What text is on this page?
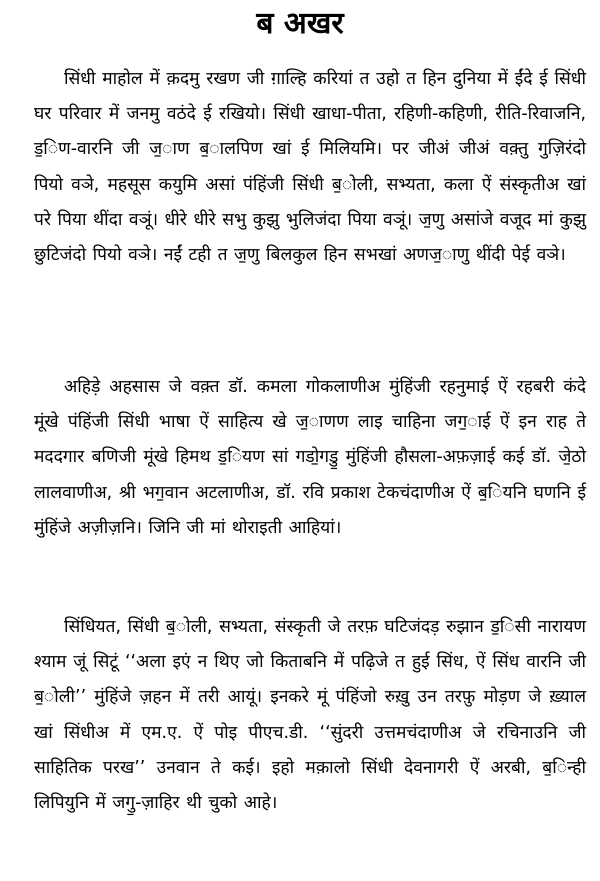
ब अखर

सिंधी माहोल में क़दमु रखण जी ग़ाल्हि करियां त उहो त हिन दुनिया में ईंदे ई सिंधी घर परिवार में जनमु वठंदे ई रखियो। सिंधी खाधा-पीता, रहिणी-कहिणी, रीति-रिवाजनि, ड॒िण-वारनि जी ज॒ाण ब॒ालपिण खां ई मिलियमि। पर जीअं जीअं वक़्तु गुज़िरंदो पियो वञे, महसूस कयुमि असां पंहिंजी सिंधी ब॒ोली, सभ्यता, कला ऐं संस्कृतीअ खां परे पिया थींदा वञूं। धीरे धीरे सभु कुझु भुलिजंदा पिया वञूं। ज॒णु असांजे वजूद मां कुझु छुटिजंदो पियो वञे। नईं टही त ज॒णु बिलकुल हिन सभखां अणज॒ाणु थींदी पेई वञे।

अहिड़े अहसास जे वक़्त डॉ. कमला गोकलाणीअ मुंहिंजी रहनुमाई ऐं रहबरी कंदे मूंखे पंहिंजी सिंधी भाषा ऐं साहित्य खे ज॒ाणण लाइ चाहिना जग॒ाई ऐं इन राह ते मददगार बणिजी मूंखे हिमथ ड॒ियण सां गडो॒गडु॒ मुंहिंजी हौसला-अफ़ज़ाई कई डॉ. जे॒ठो लालवाणीअ, श्री भग॒वान अटलाणीअ, डॉ. रवि प्रकाश टेकचंदाणीअ ऐं ब॒ियनि घणनि ई मुंहिंजे अज़ीज़नि। जिनि जी मां थोराइती आहियां।

सिंधियत, सिंधी ब॒ोली, सभ्यता, संस्कृती जे तरफ़ घटिजंदड़ रुझान ड॒िसी नारायण श्याम जूं सिटूं ‘‘अला इएं न थिए जो किताबनि में पढ़िजे त हुई सिंध, ऐं सिंध वारनि जी ब॒ोली’’ मुंहिंजे ज़हन में तरी आयूं। इनकरे मूं पंहिंजो रुख़ु उन तरफ़ु मोड़ण जे ख़्याल खां सिंधीअ में एम.ए. ऐं पोइ पीएच.डी. ‘‘सुंदरी उत्तमचंदाणीअ जे रचिनाउनि जी साहितिक परख’’ उनवान ते कई। इहो मक़ालो सिंधी देवनागरी ऐं अरबी, ब॒िन्ही लिपियुनि में जगु॒-ज़ाहिर थी चुको आहे।
